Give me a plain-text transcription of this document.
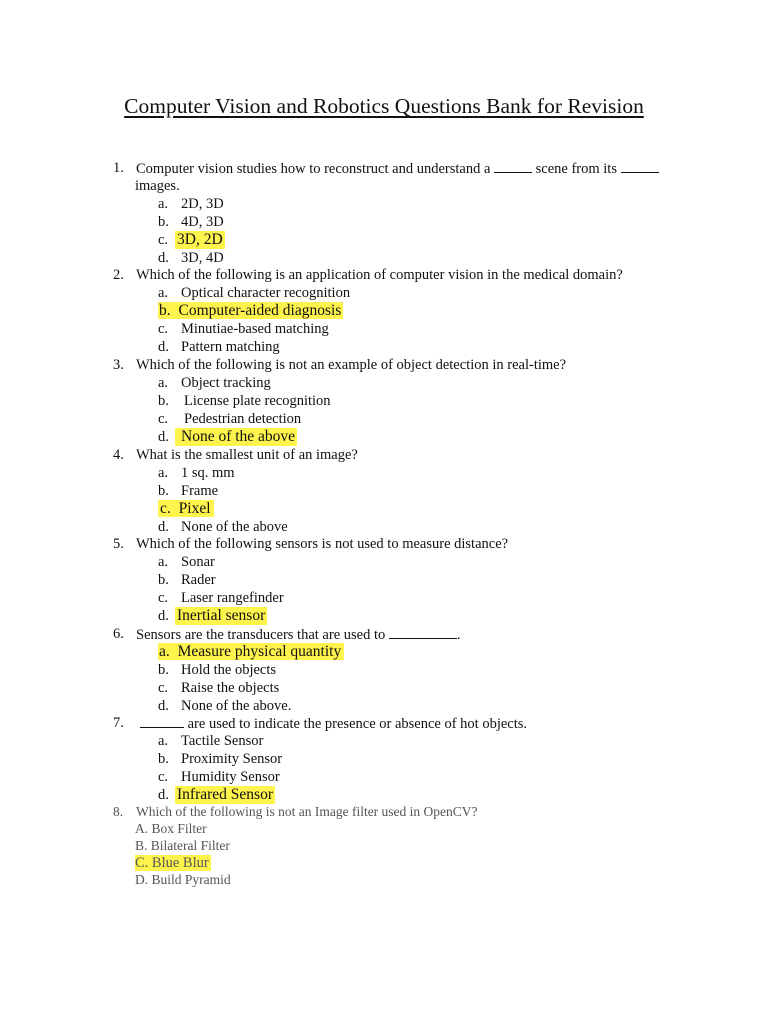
Computer Vision and Robotics Questions Bank for Revision
1. Computer vision studies how to reconstruct and understand a	scene from its
images.
a. 2D, 3D
b. 4D, 3D
c. 3D, 2D
d. 3D, 4D
2. Which of the following is an application of computer vision in the medical domain?
a. Optical character recognition
b. Computer-aided diagnosis
c. Minutiae-based matching
d. Pattern matching
3. Which of the following is not an example of object detection in real-time?
a. Object tracking
b. License plate recognition
c. Pedestrian detection
d. None of the above
4. What is the smallest unit of an image?
a. 1 sq. mm
b. Frame
c. Pixel
d. None of the above
5. Which of the following sensors is not used to measure distance?
a. Sonar
b. Rader
c. Laser rangefinder
d. Inertial sensor
6. Sensors are the transducers that are used to	.
a. Measure physical quantity
b. Hold the objects
c. Raise the objects
d. None of the above.
7.	are used to indicate the presence or absence of hot objects.
a. Tactile Sensor
b. Proximity Sensor
c. Humidity Sensor
d. Infrared Sensor
8. Which of the following is not an Image filter used in OpenCV?
A. Box Filter
B. Bilateral Filter
C. Blue Blur
D. Build Pyramid
